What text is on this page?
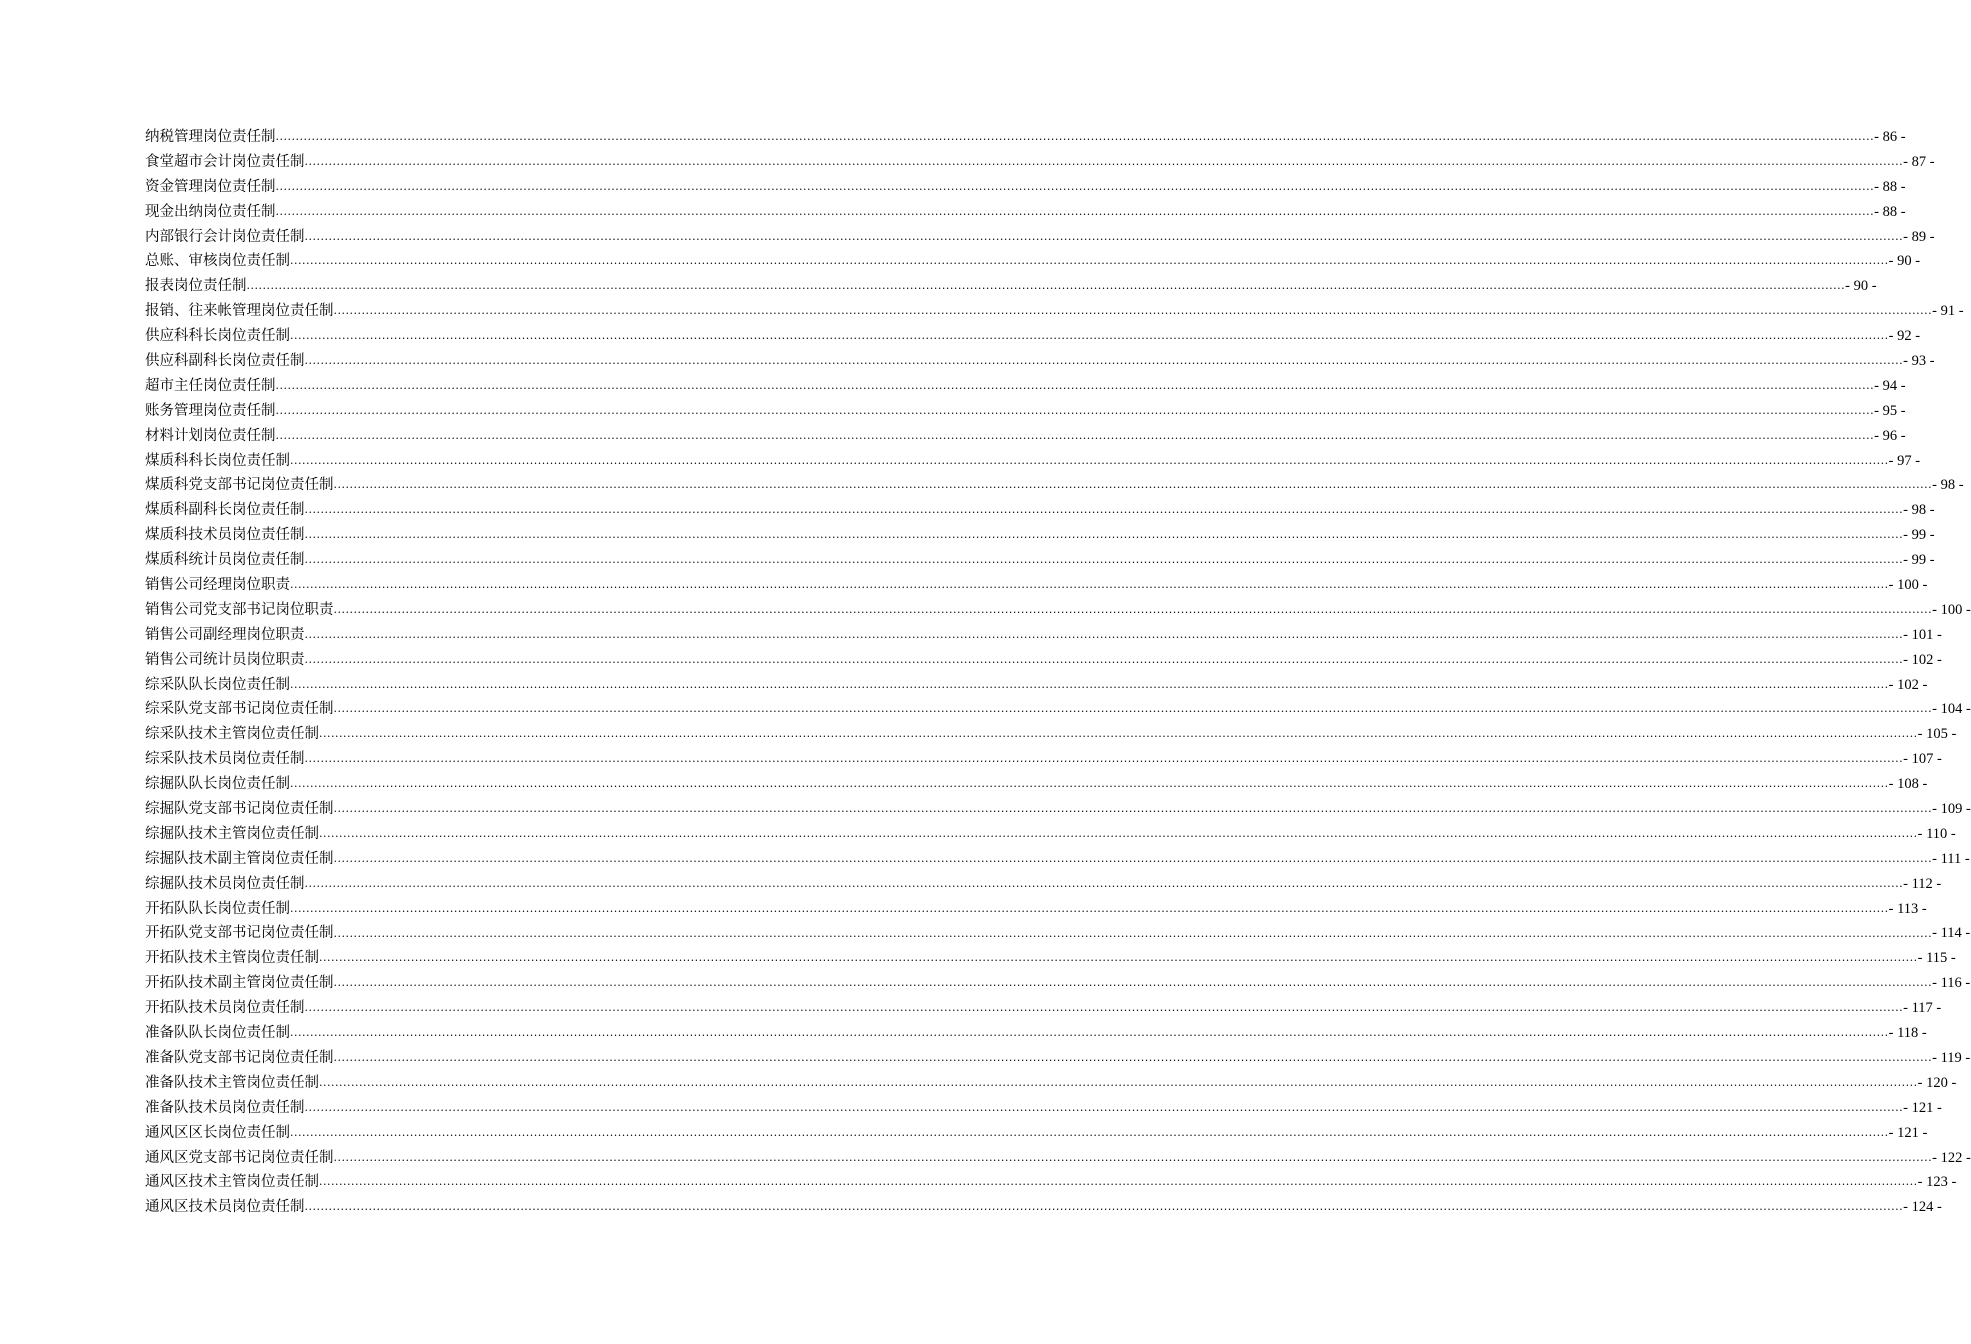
纳税管理岗位责任制 ................................................................................................................................................................................................................................................................................................................................................................................................................ - 86 -
食堂超市会计岗位责任制 ................................................................................................................................................................................................................................................................................................................................................................................................................ - 87 -
资金管理岗位责任制 ................................................................................................................................................................................................................................................................................................................................................................................................................ - 88 -
现金出纳岗位责任制 ................................................................................................................................................................................................................................................................................................................................................................................................................ - 88 -
内部银行会计岗位责任制 ................................................................................................................................................................................................................................................................................................................................................................................................................ - 89 -
总账、审核岗位责任制 ................................................................................................................................................................................................................................................................................................................................................................................................................ - 90 -
报表岗位责任制 ................................................................................................................................................................................................................................................................................................................................................................................................................ - 90 -
报销、往来帐管理岗位责任制 ................................................................................................................................................................................................................................................................................................................................................................................................................ - 91 -
供应科科长岗位责任制 ................................................................................................................................................................................................................................................................................................................................................................................................................ - 92 -
供应科副科长岗位责任制 ................................................................................................................................................................................................................................................................................................................................................................................................................ - 93 -
超市主任岗位责任制 ................................................................................................................................................................................................................................................................................................................................................................................................................ - 94 -
账务管理岗位责任制 ................................................................................................................................................................................................................................................................................................................................................................................................................ - 95 -
材料计划岗位责任制 ................................................................................................................................................................................................................................................................................................................................................................................................................ - 96 -
煤质科科长岗位责任制 ................................................................................................................................................................................................................................................................................................................................................................................................................ - 97 -
煤质科党支部书记岗位责任制 ................................................................................................................................................................................................................................................................................................................................................................................................................ - 98 -
煤质科副科长岗位责任制 ................................................................................................................................................................................................................................................................................................................................................................................................................ - 98 -
煤质科技术员岗位责任制 ................................................................................................................................................................................................................................................................................................................................................................................................................ - 99 -
煤质科统计员岗位责任制 ................................................................................................................................................................................................................................................................................................................................................................................................................ - 99 -
销售公司经理岗位职责 ................................................................................................................................................................................................................................................................................................................................................................................................................ - 100 -
销售公司党支部书记岗位职责 ................................................................................................................................................................................................................................................................................................................................................................................................................ - 100 -
销售公司副经理岗位职责 ................................................................................................................................................................................................................................................................................................................................................................................................................ - 101 -
销售公司统计员岗位职责 ................................................................................................................................................................................................................................................................................................................................................................................................................ - 102 -
综采队队长岗位责任制 ................................................................................................................................................................................................................................................................................................................................................................................................................ - 102 -
综采队党支部书记岗位责任制 ................................................................................................................................................................................................................................................................................................................................................................................................................ - 104 -
综采队技术主管岗位责任制 ................................................................................................................................................................................................................................................................................................................................................................................................................ - 105 -
综采队技术员岗位责任制 ................................................................................................................................................................................................................................................................................................................................................................................................................ - 107 -
综掘队队长岗位责任制 ................................................................................................................................................................................................................................................................................................................................................................................................................ - 108 -
综掘队党支部书记岗位责任制 ................................................................................................................................................................................................................................................................................................................................................................................................................ - 109 -
综掘队技术主管岗位责任制 ................................................................................................................................................................................................................................................................................................................................................................................................................ - 110 -
综掘队技术副主管岗位责任制 ................................................................................................................................................................................................................................................................................................................................................................................................................ - 111 -
综掘队技术员岗位责任制 ................................................................................................................................................................................................................................................................................................................................................................................................................ - 112 -
开拓队队长岗位责任制 ................................................................................................................................................................................................................................................................................................................................................................................................................ - 113 -
开拓队党支部书记岗位责任制 ................................................................................................................................................................................................................................................................................................................................................................................................................ - 114 -
开拓队技术主管岗位责任制 ................................................................................................................................................................................................................................................................................................................................................................................................................ - 115 -
开拓队技术副主管岗位责任制 ................................................................................................................................................................................................................................................................................................................................................................................................................ - 116 -
开拓队技术员岗位责任制 ................................................................................................................................................................................................................................................................................................................................................................................................................ - 117 -
准备队队长岗位责任制 ................................................................................................................................................................................................................................................................................................................................................................................................................ - 118 -
准备队党支部书记岗位责任制 ................................................................................................................................................................................................................................................................................................................................................................................................................ - 119 -
准备队技术主管岗位责任制 ................................................................................................................................................................................................................................................................................................................................................................................................................ - 120 -
准备队技术员岗位责任制 ................................................................................................................................................................................................................................................................................................................................................................................................................ - 121 -
通风区区长岗位责任制 ................................................................................................................................................................................................................................................................................................................................................................................................................ - 121 -
通风区党支部书记岗位责任制 ................................................................................................................................................................................................................................................................................................................................................................................................................ - 122 -
通风区技术主管岗位责任制 ................................................................................................................................................................................................................................................................................................................................................................................................................ - 123 -
通风区技术员岗位责任制 ................................................................................................................................................................................................................................................................................................................................................................................................................ - 124 -
